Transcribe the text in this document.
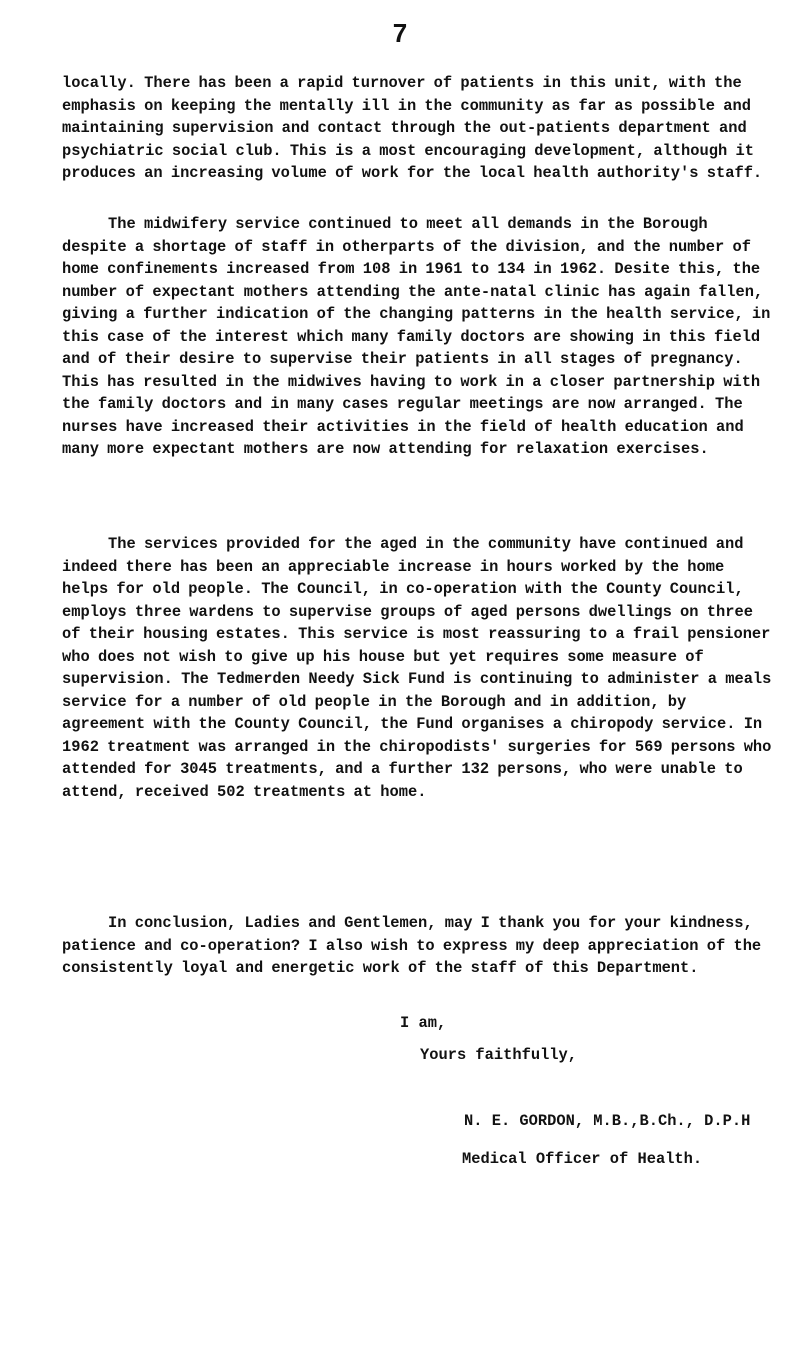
7

locally. There has been a rapid turnover of patients in this unit, with the emphasis on keeping the mentally ill in the community as far as possible and maintaining supervision and contact through the out-patients department and psychiatric social club. This is a most encouraging development, although it produces an increasing volume of work for the local health authority's staff.

The midwifery service continued to meet all demands in the Borough despite a shortage of staff in otherparts of the division, and the number of home confinements increased from 108 in 1961 to 134 in 1962. Desite this, the number of expectant mothers attending the ante-natal clinic has again fallen, giving a further indication of the changing patterns in the health service, in this case of the interest which many family doctors are showing in this field and of their desire to supervise their patients in all stages of pregnancy. This has resulted in the midwives having to work in a closer partnership with the family doctors and in many cases regular meetings are now arranged. The nurses have increased their activities in the field of health education and many more expectant mothers are now attending for relaxation exercises.

The services provided for the aged in the community have continued and indeed there has been an appreciable increase in hours worked by the home helps for old people. The Council, in co-operation with the County Council, employs three wardens to supervise groups of aged persons dwellings on three of their housing estates. This service is most reassuring to a frail pensioner who does not wish to give up his house but yet requires some measure of supervision. The Tedmerden Needy Sick Fund is continuing to administer a meals service for a number of old people in the Borough and in addition, by agreement with the County Council, the Fund organises a chiropody service. In 1962 treatment was arranged in the chiropodists' surgeries for 569 persons who attended for 3045 treatments, and a further 132 persons, who were unable to attend, received 502 treatments at home.

In conclusion, Ladies and Gentlemen, may I thank you for your kindness, patience and co-operation? I also wish to express my deep appreciation of the consistently loyal and energetic work of the staff of this Department.

I am,
Yours faithfully,
N. E. GORDON, M.B.,B.Ch., D.P.H
Medical Officer of Health.
